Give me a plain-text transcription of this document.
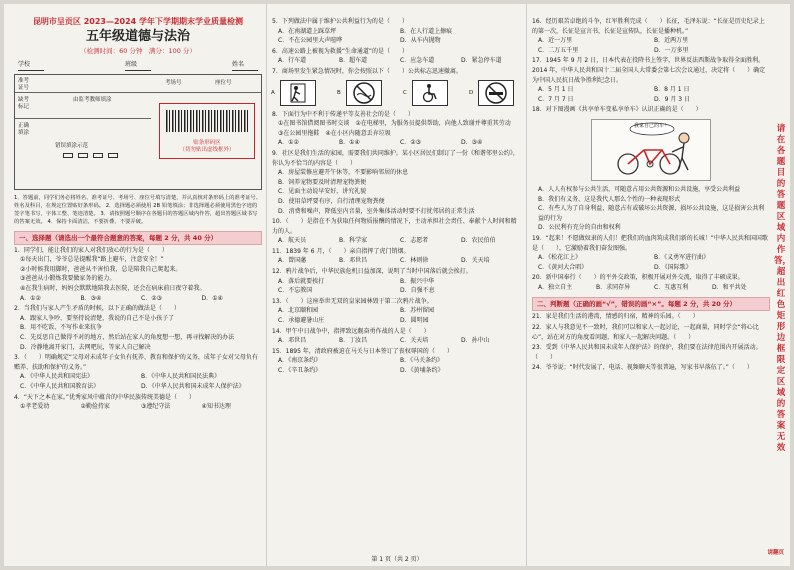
昆明市呈贡区 2023—2024 学年下学期期末学业质量检测
五年级道德与法治
（检测时间：60 分钟　满分：100 分）
学校	班级	姓名
准考证号
考场号	座位号
缺考标记
由监考教师填涂
正确填涂
错误填涂示范	贴条形码区
（切勿贴出虚线框外）
1．答题前，同学们务必将姓名、准考证号、考场号、座位号填写清楚，并认真核对条形码上的准考证号、姓名及科目，在规定位置贴好条形码。 2．选择题必须使用 2B 铅笔填涂；非选择题必须使用黑色字迹的签字笔书写，字体工整、笔迹清楚。 3．请按照题号顺序在各题目的答题区域内作答，超出答题区域书写的答案无效。 4．保持卡面清洁，不要折叠、不要弄破。
一、选择题（请选出一个最符合题意的答案，每题 2 分，共 40 分）
1．同学们，能让我们的家人对我们放心的行为是（　　）
①每天出门，爷爷总是提醒我“路上避车，注意安全！”
②小时候我用脚时，爸爸从不害怕我，总是陪我自己爬起来。
③爸爸从小锻炼我要做家务的能力。
④在我生病时，妈妈会默默地陪我去医院，还会在病床前日夜守着我。
A．①②	B．③④	C．②③	D．①④
2．当我们与家人产生矛盾的时候，以下正确的做法是（　　）
A．跟家人争吵，要坚持说清楚，我说的自己不是小孩子了
B．用不吃饭、不写作业来抗争
C．先反思自己做得不对的地方，然后站在家人的角度想一想，再寻找解决的办法
D．冷静地离开家门，去网吧玩，等家人自己解决
3．（　　）明确规定“父母对未成年子女负有抚养、教育和保护的义务，成年子女对父母负有赡养、扶助和保护的义务。”
A．《中华人民共和国宪法》	B．《中华人民共和国民法典》
C．《中华人民共和国教育法》	D．《中华人民共和国未成年人保护法》
4．“天下之本在家。”优秀家风中蕴含的中华民族传统美德是（　　）
①孝老爱幼	②勤俭持家	③遵纪守法	④知书达理
5．下列做法中属于维护公共利益行为的是（　　）
A．在南湖道上踩草坪	B．在人行道上擦痕
C．不在公园里大声喧哗	D．从车内抛物
6．高速公路上被视为救援“生命通道”的是（　　）
A．行车道	B．超车道	C．应急车道	D．紧急停车道
7．商场里发生紧急情况时，你会按照以下（　　）公共标志迅速撤离。
A	B	C	D
8．下面行为中不利于传递平等友善社会的是（　　）
①在图书馆借阅图书时交谈　②在电梯里，为服务员提供帮助，向他人致谢并尊重其劳动　③在公园里拖鞋　④在小区内随意丢弃垃圾
A．①②	B．①④	C．②③	D．③④
9．社区是我们生活的家园，需要我们共同维护。某小区居民们制订了一份《和谐邻里公约》，你认为不恰当的内容是（　　）
A．房屋装修应避开午休等，不要影响邻居的休息
B．饲养宠物要及时清理宠物粪便
C．见面主动说早安好，讲究礼貌
D．使用草坪要有序，自行清理宠物粪便
D．消费和噪声，降低室内音量，室外集体活动时要不打扰邻居的正常生活
10．（　　）是指在不为获取任何物质报酬的情况下，主动承担社会责任、奉献个人时间和精力的人。
A．航天员	B．科学家	C．志愿者	D．农民伯伯
11．1839 年 6 月，（　　）亲自指挥了虎门销烟。
A．曾国藩	B．邓世昌	C．林则徐	D．关天培
12．鸦片战争后，中华民族危机日益加深，说明了当时中国落后就会挨打。
A．落后就要挨打	B．振兴中华
C．不忘教国	D．自强不息
13．（　　）这座举世无双的皇家园林毁于第二次鸦片战争。
A．北京颐和园	B．苏州留园
C．承德避暑山庄	D．圆明园
14．甲午中日战争中，指挥致远舰奋勇作战的人是（　　）
A．邓世昌	B．丁汝昌	C．关天培	D．孙中山
15．1895 年，清政府被迫在马关与日本签订了丧权辱国的（　　）
A．《南京条约》	B．《马关条约》
C．《辛丑条约》	D．《黄埔条约》
16．经历艰苦卓绝的斗争，红军胜利完成（　　）长征，毛泽东说：“长征是历史纪录上的第一次，长征是宣言书，长征是宣传队，长征是播种机。”
A．近一万里	B．近两万里
C．二万五千里	D．一万多里
17．1945 年 9 月 2 日，日本代表在投降书上签字，世界反法西斯战争取得全面胜利。2014 年，中华人民共和国十二届全国人大常委会第七次会议通过，决定将（　　）确定为中国人民抗日战争胜利纪念日。
A．5 月 1 日	B．8 月 1 日
C．7 月 7 日	D．9 月 3 日
18．对下图漫画《共享单车变私享单车》认识正确的是（　　）
我家自己的车！
A．人人有权参与公共生活，可随意占用公共资源和公共设施，享受公共利益
B．我们有义务，这是我代人那么个性的一种表现形式
C．有些人为了自身利益，随意占有或破坏公共资源，损坏公共设施，这是损害公共利益的行为
D．公民利有充分的自由和权利
19．“起来！不愿做奴隶的人们！把我们的血肉筑成我们新的长城！”中华人民共和国国歌是（　　），它激励着我们奋发图强。
A．《松花江上》	B．《义勇军进行曲》
C．《黄河大合唱》	D．《国际歌》
20．新中国奉行（　　）的平外交政策，积极开展对外交流，取得了丰硕成果。
A．独立自主	B．求同存异	C．互惠互利	D．和平共处
二、判断题（正确的画“√”，错误的画“×”。每题 2 分，共 20 分）
21．家是我们生活的港湾，情感的归宿，精神的乐园。（　　）
22．家人与我意见不一致时，我们可以和家人一起讨论，一起商量，同时学会“将心比心”，站在对方的角度看问题，和家人一起解决问题。（　　）
23．受到《中华人民共和国未成年人保护法》的保护，我们要在法律范围内开展活动。（　　）
24．爷爷说：“时代发展了，电话、视频聊天等很普遍，写家书早落伍了。”（　　）
请在各题目的答题区域内作答，超出红色矩形边框限定区域的答案无效
第 1 页（共 2 页）
请翻页
